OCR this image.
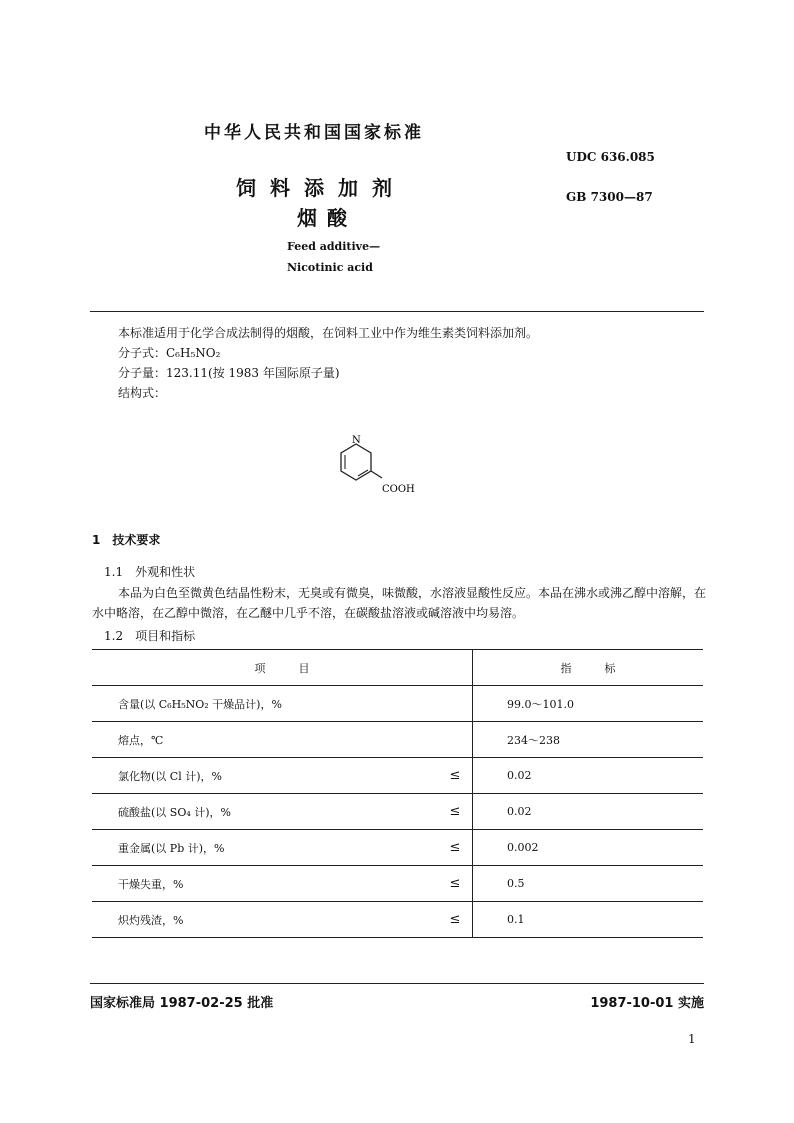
中华人民共和国国家标准
UDC 636.085
饲料添加剂	GB 7300—87
烟酸
Feed additive—
Nicotinic acid
本标准适用于化学合成法制得的烟酸，在饲料工业中作为维生素类饲料添加剂。
分子式：C₆H₅NO₂
分子量：123.11(按 1983 年国际原子量)
结构式：
N
COOH
1　技术要求
1.1　外观和性状
本品为白色至微黄色结晶性粉末，无臭或有微臭，味微酸，水溶液显酸性反应。本品在沸水或沸乙醇中溶解，在水中略溶，在乙醇中微溶，在乙醚中几乎不溶，在碳酸盐溶液或碱溶液中均易溶。
1.2　项目和指标
项　　　目		指　　　标
含量(以 C₆H₅NO₂ 干燥品计)，%		99.0～101.0
熔点，℃		234～238
氯化物(以 Cl 计)，%	≤	0.02
硫酸盐(以 SO₄ 计)，%	≤	0.02
重金属(以 Pb 计)，%	≤	0.002
干燥失重，%	≤	0.5
炽灼残渣，%	≤	0.1
国家标准局 1987-02-25 批准	1987-10-01 实施
1
